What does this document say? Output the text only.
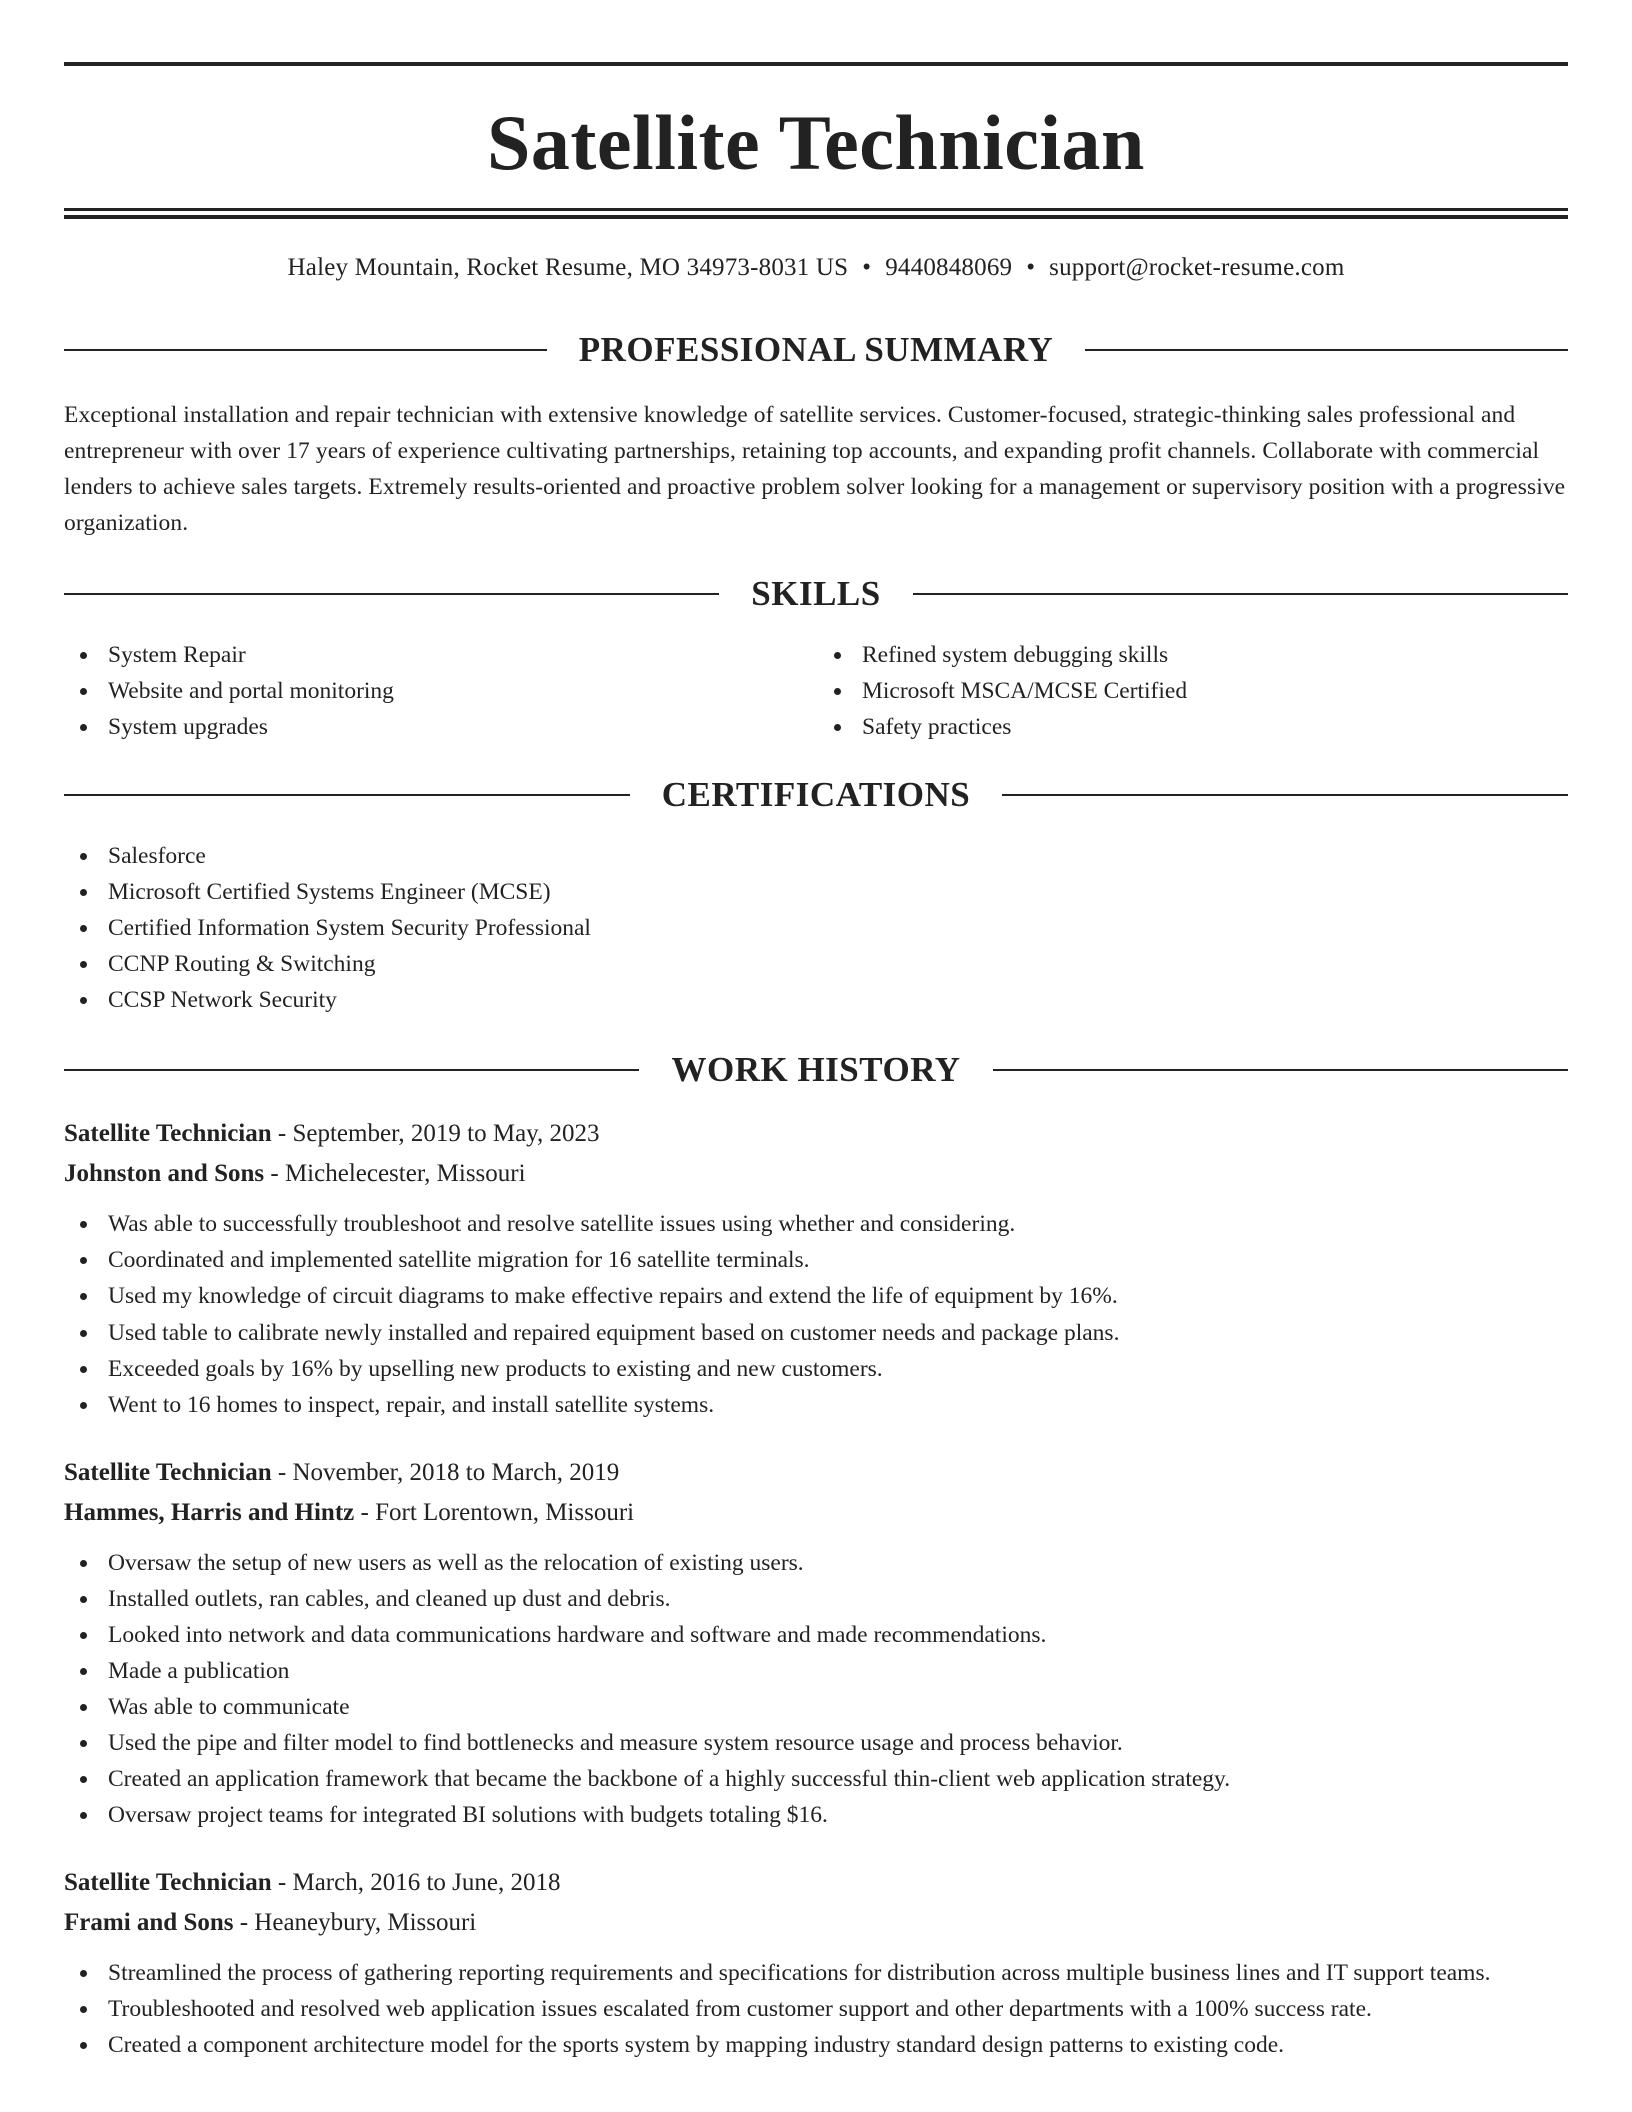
Satellite Technician
Haley Mountain, Rocket Resume, MO 34973-8031 US • 9440848069 • support@rocket-resume.com
PROFESSIONAL SUMMARY

Exceptional installation and repair technician with extensive knowledge of satellite services. Customer-focused, strategic-thinking sales professional and entrepreneur with over 17 years of experience cultivating partnerships, retaining top accounts, and expanding profit channels. Collaborate with commercial lenders to achieve sales targets. Extremely results-oriented and proactive problem solver looking for a management or supervisory position with a progressive organization.

SKILLS
System Repair
Website and portal monitoring
System upgrades
Refined system debugging skills
Microsoft MSCA/MCSE Certified
Safety practices
CERTIFICATIONS
Salesforce
Microsoft Certified Systems Engineer (MCSE)
Certified Information System Security Professional
CCNP Routing & Switching
CCSP Network Security
WORK HISTORY
Satellite Technician - September, 2019 to May, 2023
Johnston and Sons - Michelecester, Missouri
Was able to successfully troubleshoot and resolve satellite issues using whether and considering.
Coordinated and implemented satellite migration for 16 satellite terminals.
Used my knowledge of circuit diagrams to make effective repairs and extend the life of equipment by 16%.
Used table to calibrate newly installed and repaired equipment based on customer needs and package plans.
Exceeded goals by 16% by upselling new products to existing and new customers.
Went to 16 homes to inspect, repair, and install satellite systems.
Satellite Technician - November, 2018 to March, 2019
Hammes, Harris and Hintz - Fort Lorentown, Missouri
Oversaw the setup of new users as well as the relocation of existing users.
Installed outlets, ran cables, and cleaned up dust and debris.
Looked into network and data communications hardware and software and made recommendations.
Made a publication
Was able to communicate
Used the pipe and filter model to find bottlenecks and measure system resource usage and process behavior.
Created an application framework that became the backbone of a highly successful thin-client web application strategy.
Oversaw project teams for integrated BI solutions with budgets totaling $16.
Satellite Technician - March, 2016 to June, 2018
Frami and Sons - Heaneybury, Missouri
Streamlined the process of gathering reporting requirements and specifications for distribution across multiple business lines and IT support teams.
Troubleshooted and resolved web application issues escalated from customer support and other departments with a 100% success rate.
Created a component architecture model for the sports system by mapping industry standard design patterns to existing code.
